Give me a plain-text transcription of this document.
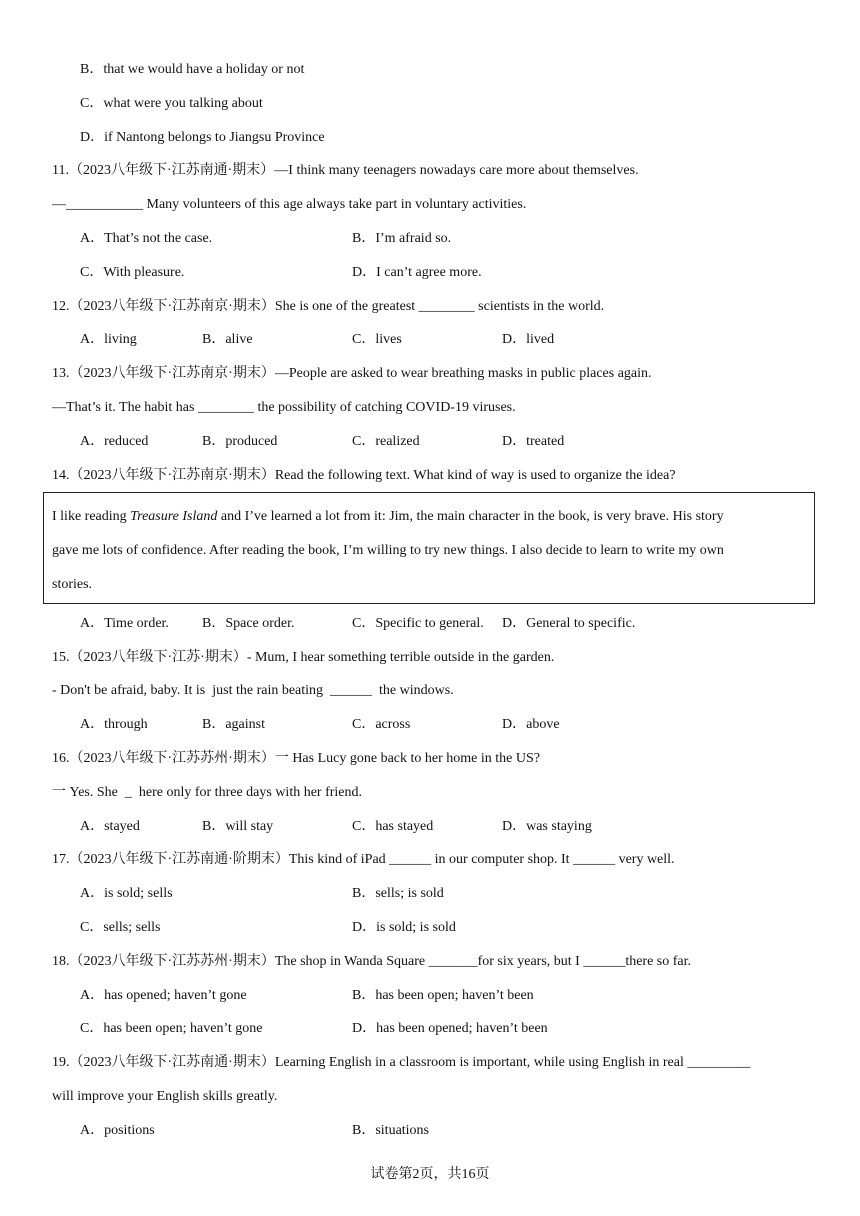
B．that we would have a holiday or not
C．what were you talking about
D．if Nantong belongs to Jiangsu Province
11.（2023八年级下·江苏南通·期末）—I think many teenagers nowadays care more about themselves.
—___________ Many volunteers of this age always take part in voluntary activities.
A．That’s not the case.	B．I’m afraid so.
C．With pleasure.	D．I can’t agree more.
12.（2023八年级下·江苏南京·期末）She is one of the greatest ________ scientists in the world.
A．living	B．alive	C．lives	D．lived
13.（2023八年级下·江苏南京·期末）—People are asked to wear breathing masks in public places again.
—That’s it. The habit has ________ the possibility of catching COVID-19 viruses.
A．reduced	B．produced	C．realized	D．treated
14.（2023八年级下·江苏南京·期末）Read the following text. What kind of way is used to organize the idea?
I like reading Treasure Island and I’ve learned a lot from it: Jim, the main character in the book, is very brave. His story
gave me lots of confidence. After reading the book, I’m willing to try new things. I also decide to learn to write my own
stories.
A．Time order. B．Space order.	C．Specific to general. D．General to specific.
15.（2023八年级下·江苏·期末）- Mum, I hear something terrible outside in the garden.
- Don't be afraid, baby. It is  just the rain beating  ______  the windows.
A．through	B．against	C．across	D．above
16.（2023八年级下·江苏苏州·期末）一 Has Lucy gone back to her home in the US?
一 Yes. She  _  here only for three days with her friend.
A．stayed	B．will stay	C．has stayed	D．was staying
17.（2023八年级下·江苏南通·阶期末）This kind of iPad ______ in our computer shop. It ______ very well.
A．is sold; sells	B．sells; is sold
C．sells; sells	D．is sold; is sold
18.（2023八年级下·江苏苏州·期末）The shop in Wanda Square _______for six years, but I ______there so far.
A．has opened; haven’t gone	B．has been open; haven’t been
C．has been open; haven’t gone	D．has been opened; haven’t been
19.（2023八年级下·江苏南通·期末）Learning English in a classroom is important, while using English in real _________
will improve your English skills greatly.
A．positions	B．situations
试卷第2页，共16页
